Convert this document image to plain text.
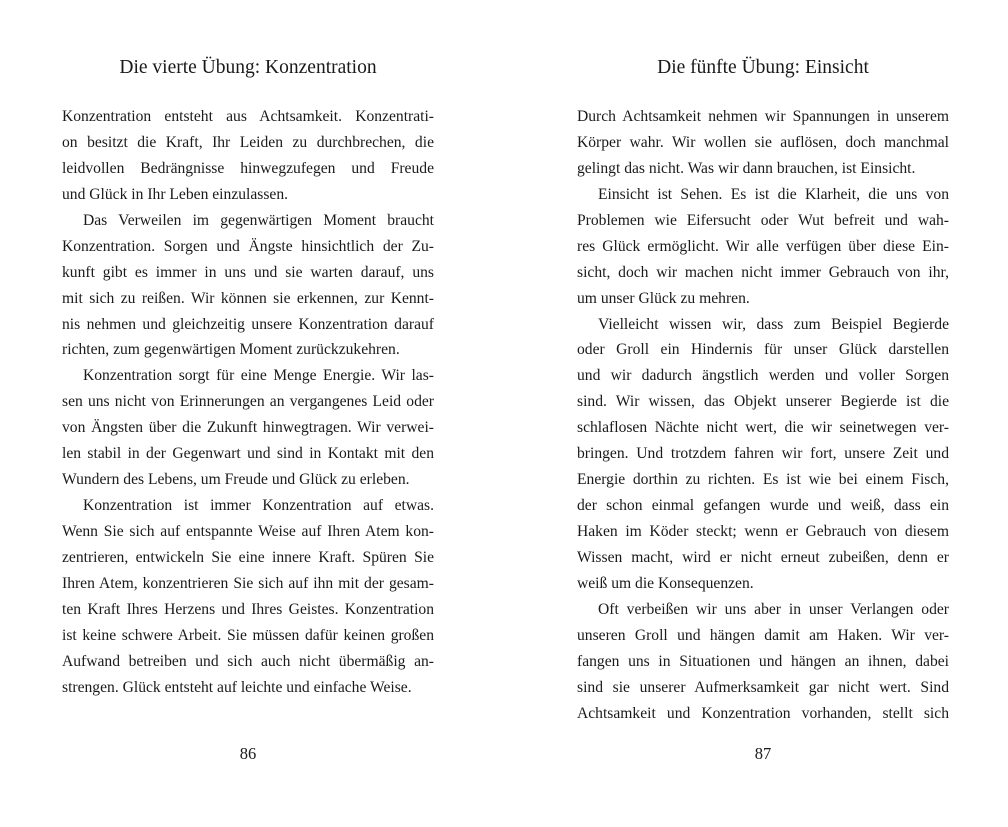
Die vierte Übung: Konzentration
Konzentration entsteht aus Achtsamkeit. Konzentrati-
on besitzt die Kraft, Ihr Leiden zu durchbrechen, die
leidvollen Bedrängnisse hinwegzufegen und Freude
und Glück in Ihr Leben einzulassen.
Das Verweilen im gegenwärtigen Moment braucht
Konzentration. Sorgen und Ängste hinsichtlich der Zu-
kunft gibt es immer in uns und sie warten darauf, uns
mit sich zu reißen. Wir können sie erkennen, zur Kennt-
nis nehmen und gleichzeitig unsere Konzentration darauf
richten, zum gegenwärtigen Moment zurückzukehren.
Konzentration sorgt für eine Menge Energie. Wir las-
sen uns nicht von Erinnerungen an vergangenes Leid oder
von Ängsten über die Zukunft hinwegtragen. Wir verwei-
len stabil in der Gegenwart und sind in Kontakt mit den
Wundern des Lebens, um Freude und Glück zu erleben.
Konzentration ist immer Konzentration auf etwas.
Wenn Sie sich auf entspannte Weise auf Ihren Atem kon-
zentrieren, entwickeln Sie eine innere Kraft. Spüren Sie
Ihren Atem, konzentrieren Sie sich auf ihn mit der gesam-
ten Kraft Ihres Herzens und Ihres Geistes. Konzentration
ist keine schwere Arbeit. Sie müssen dafür keinen großen
Aufwand betreiben und sich auch nicht übermäßig an-
strengen. Glück entsteht auf leichte und einfache Weise.
86
Die fünfte Übung: Einsicht
Durch Achtsamkeit nehmen wir Spannungen in unserem
Körper wahr. Wir wollen sie auflösen, doch manchmal
gelingt das nicht. Was wir dann brauchen, ist Einsicht.
Einsicht ist Sehen. Es ist die Klarheit, die uns von
Problemen wie Eifersucht oder Wut befreit und wah-
res Glück ermöglicht. Wir alle verfügen über diese Ein-
sicht, doch wir machen nicht immer Gebrauch von ihr,
um unser Glück zu mehren.
Vielleicht wissen wir, dass zum Beispiel Begierde
oder Groll ein Hindernis für unser Glück darstellen
und wir dadurch ängstlich werden und voller Sorgen
sind. Wir wissen, das Objekt unserer Begierde ist die
schlaflosen Nächte nicht wert, die wir seinetwegen ver-
bringen. Und trotzdem fahren wir fort, unsere Zeit und
Energie dorthin zu richten. Es ist wie bei einem Fisch,
der schon einmal gefangen wurde und weiß, dass ein
Haken im Köder steckt; wenn er Gebrauch von diesem
Wissen macht, wird er nicht erneut zubeißen, denn er
weiß um die Konsequenzen.
Oft verbeißen wir uns aber in unser Verlangen oder
unseren Groll und hängen damit am Haken. Wir ver-
fangen uns in Situationen und hängen an ihnen, dabei
sind sie unserer Aufmerksamkeit gar nicht wert. Sind
Achtsamkeit und Konzentration vorhanden, stellt sich
87
